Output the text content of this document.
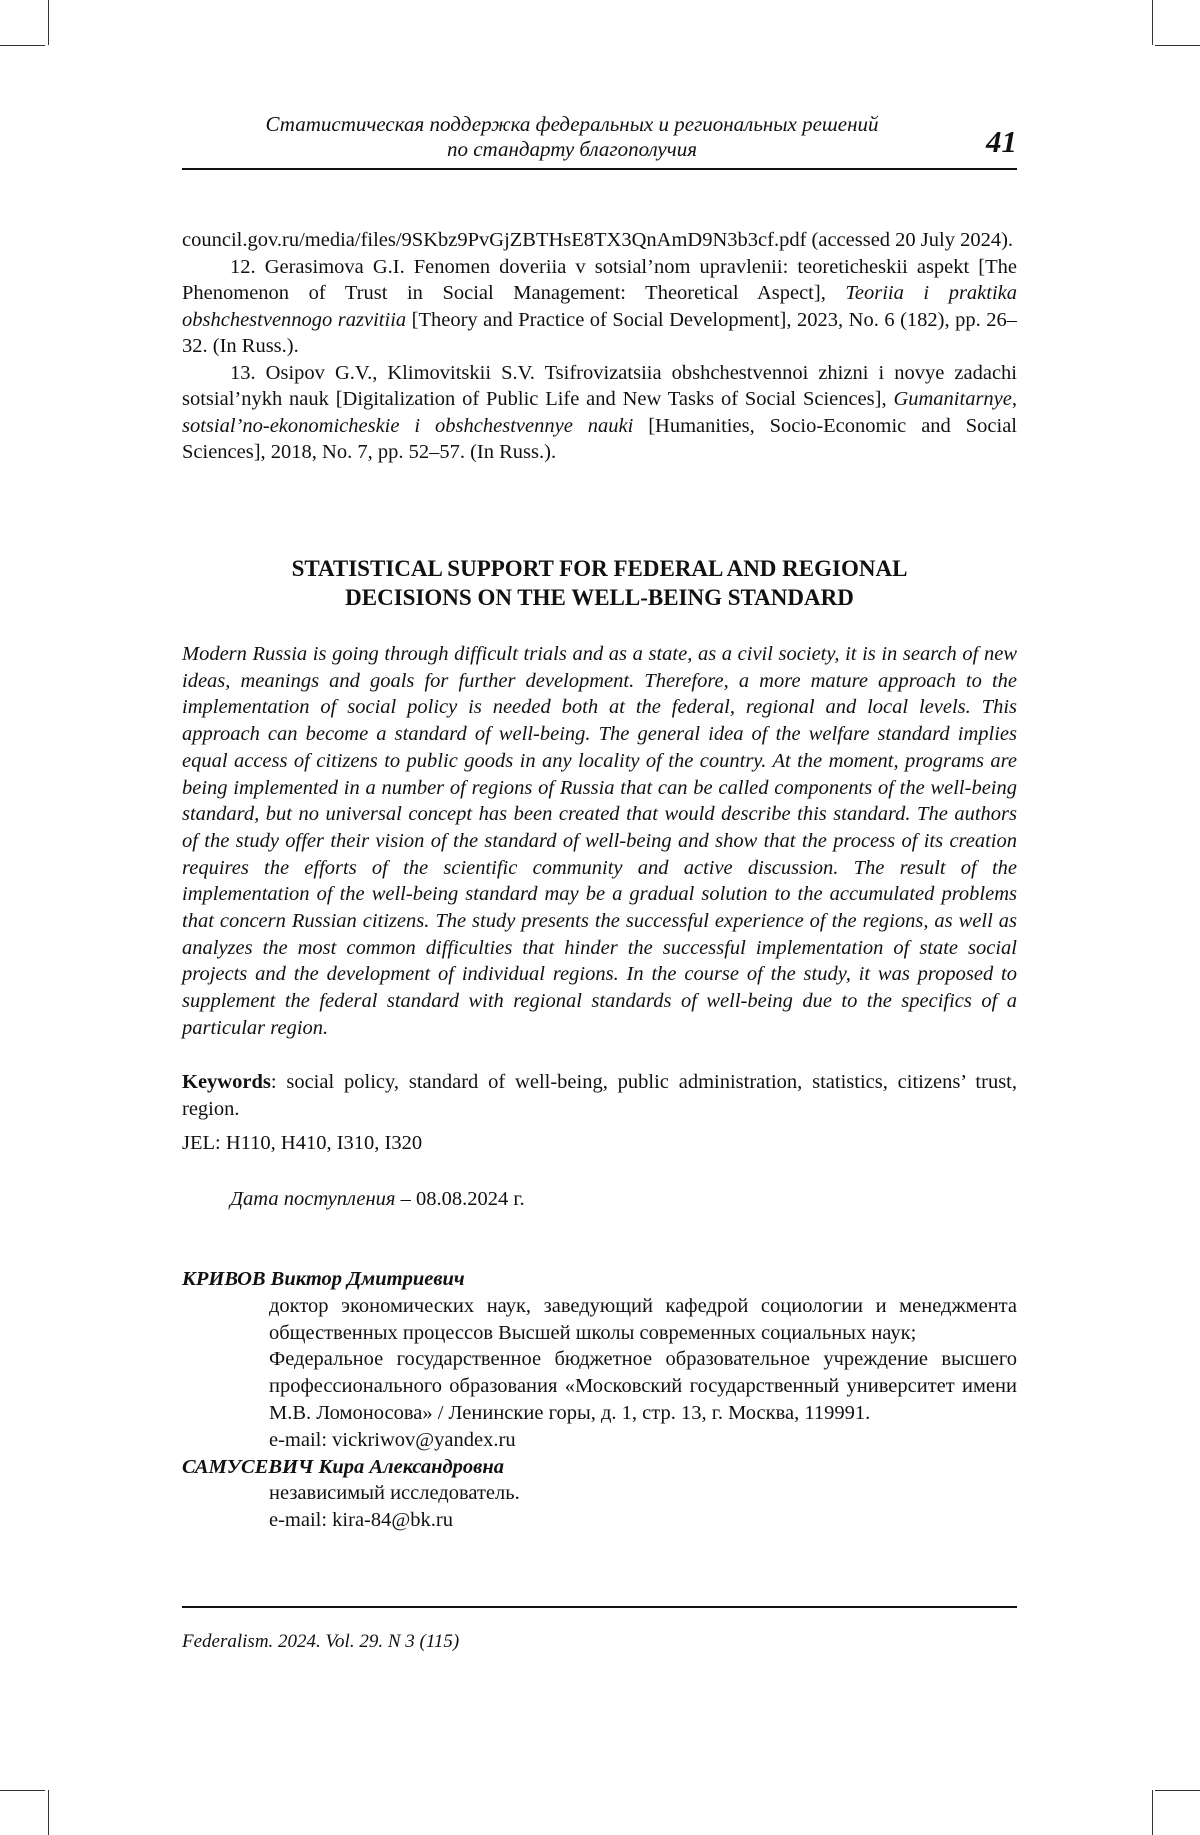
Статистическая поддержка федеральных и региональных решений
по стандарту благополучия	41

council.gov.ru/media/files/9SKbz9PvGjZBTHsE8TX3QnAmD9N3b3cf.pdf (accessed 20 July 2024).

12. Gerasimova G.I. Fenomen doveriia v sotsial’nom upravlenii: teoreticheskii aspekt [The Phenomenon of Trust in Social Management: Theoretical Aspect], Teoriia i praktika obshchestvennogo razvitiia [Theory and Practice of Social Development], 2023, No. 6 (182), pp. 26–32. (In Russ.).

13. Osipov G.V., Klimovitskii S.V. Tsifrovizatsiia obshchestvennoi zhizni i novye zadachi sotsial’nykh nauk [Digitalization of Public Life and New Tasks of Social Sciences], Gumanitarnye, sotsial’no-ekonomicheskie i obshchestvennye nauki [Humanities, Socio-Economic and Social Sciences], 2018, No. 7, pp. 52–57. (In Russ.).

STATISTICAL SUPPORT FOR FEDERAL AND REGIONAL
DECISIONS ON THE WELL-BEING STANDARD

Modern Russia is going through difficult trials and as a state, as a civil society, it is in search of new ideas, meanings and goals for further development. Therefore, a more mature approach to the implementation of social policy is needed both at the federal, regional and local levels. This approach can become a standard of well-being. The general idea of the welfare standard implies equal access of citizens to public goods in any locality of the country. At the moment, programs are being implemented in a number of regions of Russia that can be called components of the well-being standard, but no universal concept has been created that would describe this standard. The authors of the study offer their vision of the standard of well-being and show that the process of its creation requires the efforts of the scientific community and active discussion. The result of the implementation of the well-being standard may be a gradual solution to the accumulated problems that concern Russian citizens. The study presents the successful experience of the regions, as well as analyzes the most common difficulties that hinder the successful implementation of state social projects and the development of individual regions. In the course of the study, it was proposed to supplement the federal standard with regional standards of well-being due to the specifics of a particular region.

Keywords: social policy, standard of well-being, public administration, statistics, citizens’ trust, region.

JEL: H110, H410, I310, I320

Дата поступления – 08.08.2024 г.

КРИВОВ Виктор Дмитриевич

доктор экономических наук, заведующий кафедрой социологии и менеджмента общественных процессов Высшей школы современных социальных наук;

Федеральное государственное бюджетное образовательное учреждение высшего профессионального образования «Московский государственный университет имени М.В. Ломоносова» / Ленинские горы, д. 1, стр. 13, г. Москва, 119991.

e-mail: vickriwov@yandex.ru

САМУСЕВИЧ Кира Александровна

независимый исследователь.

e-mail: kira-84@bk.ru

Federalism. 2024. Vol. 29. N 3 (115)
